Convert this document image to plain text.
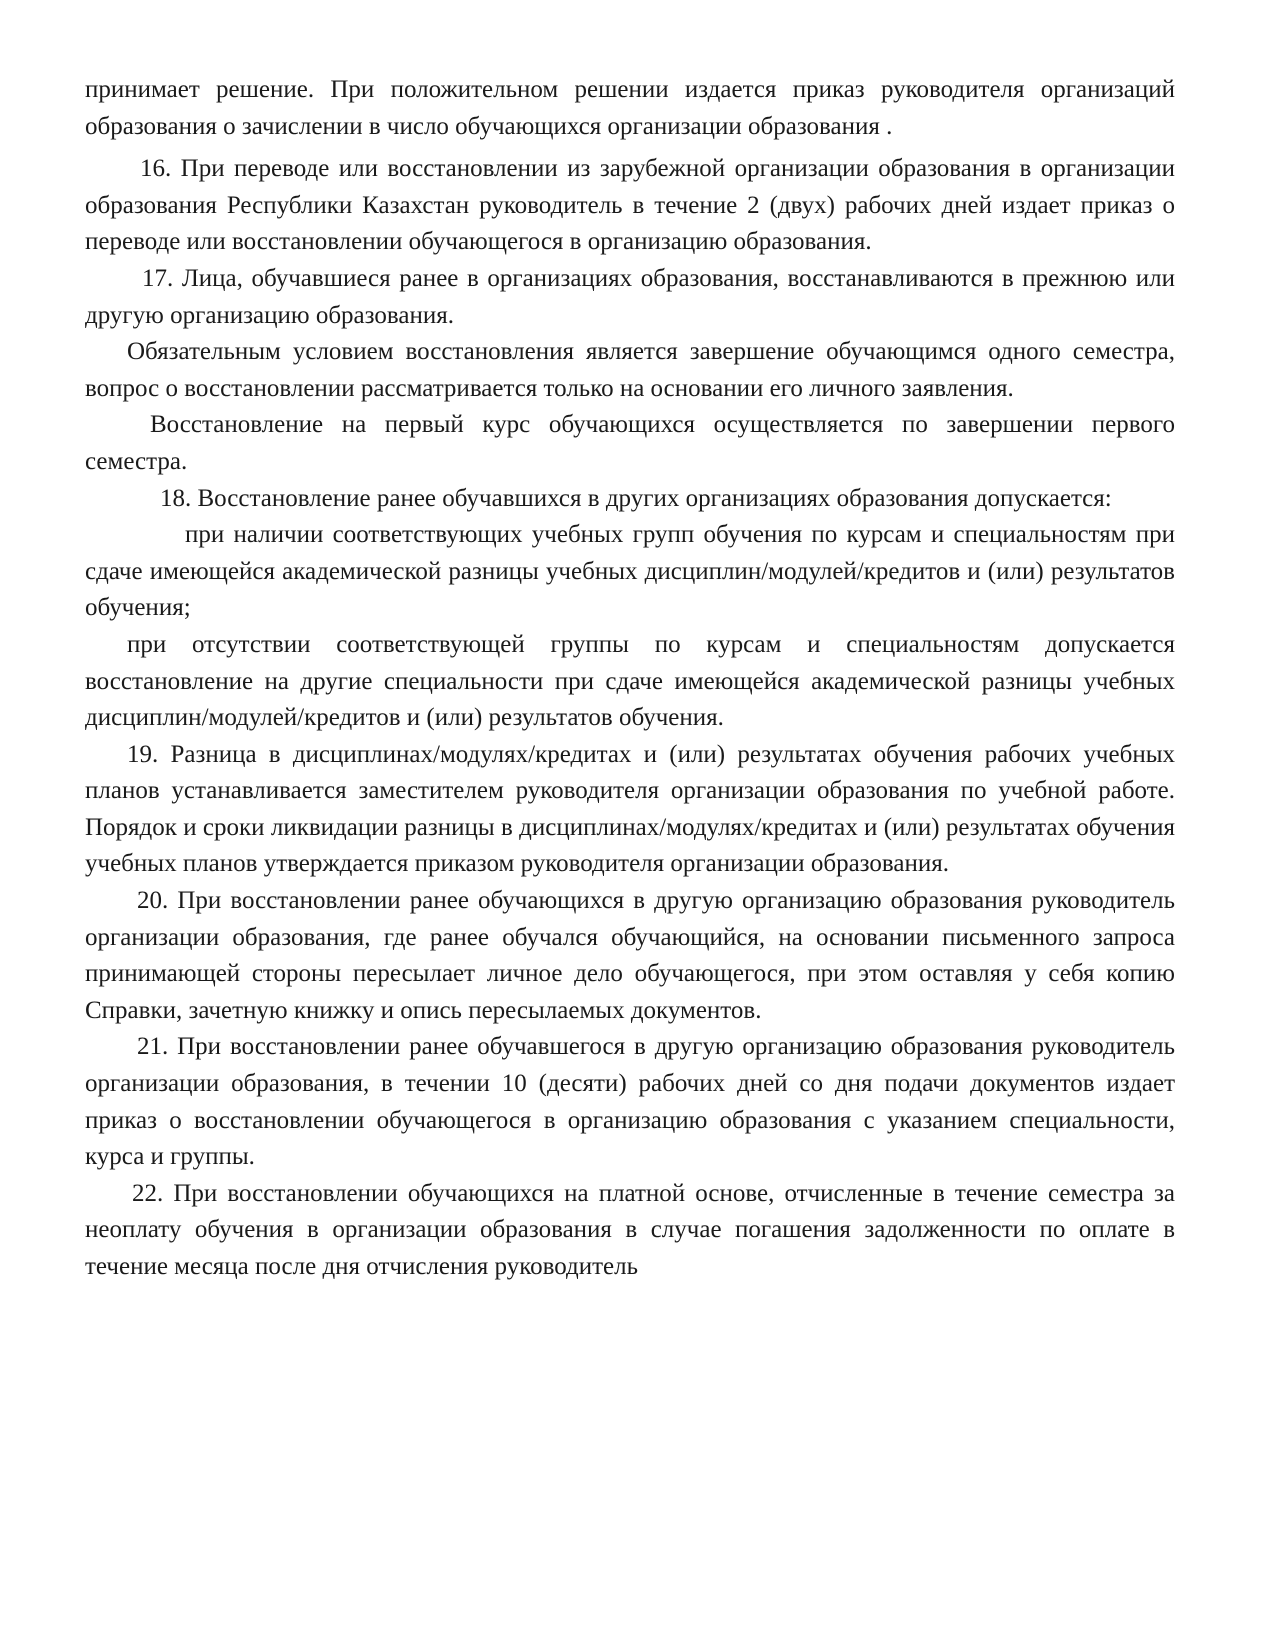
принимает решение. При положительном решении издается приказ руководителя организаций образования о зачислении в число обучающихся организации образования .

16. При переводе или восстановлении из зарубежной организации образования в организации образования Республики Казахстан руководитель в течение 2 (двух) рабочих дней издает приказ о переводе или восстановлении обучающегося в организацию образования.

17. Лица, обучавшиеся ранее в организациях образования, восстанавливаются в прежнюю или другую организацию образования.

Обязательным условием восстановления является завершение обучающимся одного семестра, вопрос о восстановлении рассматривается только на основании его личного заявления.

Восстановление на первый курс обучающихся осуществляется по завершении первого семестра.

18. Восстановление ранее обучавшихся в других организациях образования допускается:

при наличии соответствующих учебных групп обучения по курсам и специальностям при сдаче имеющейся академической разницы учебных дисциплин/модулей/кредитов и (или) результатов обучения;

при отсутствии соответствующей группы по курсам и специальностям допускается восстановление на другие специальности при сдаче имеющейся академической разницы учебных дисциплин/модулей/кредитов и (или) результатов обучения.

19. Разница в дисциплинах/модулях/кредитах и (или) результатах обучения рабочих учебных планов устанавливается заместителем руководителя организации образования по учебной работе. Порядок и сроки ликвидации разницы в дисциплинах/модулях/кредитах и (или) результатах обучения учебных планов утверждается приказом руководителя организации образования.

20. При восстановлении ранее обучающихся в другую организацию образования руководитель организации образования, где ранее обучался обучающийся, на основании письменного запроса принимающей стороны пересылает личное дело обучающегося, при этом оставляя у себя копию Справки, зачетную книжку и опись пересылаемых документов.

21. При восстановлении ранее обучавшегося в другую организацию образования руководитель организации образования, в течении 10 (десяти) рабочих дней со дня подачи документов издает приказ о восстановлении обучающегося в организацию образования с указанием специальности, курса и группы.

22. При восстановлении обучающихся на платной основе, отчисленные в течение семестра за неоплату обучения в организации образования в случае погашения задолженности по оплате в течение месяца после дня отчисления руководитель
